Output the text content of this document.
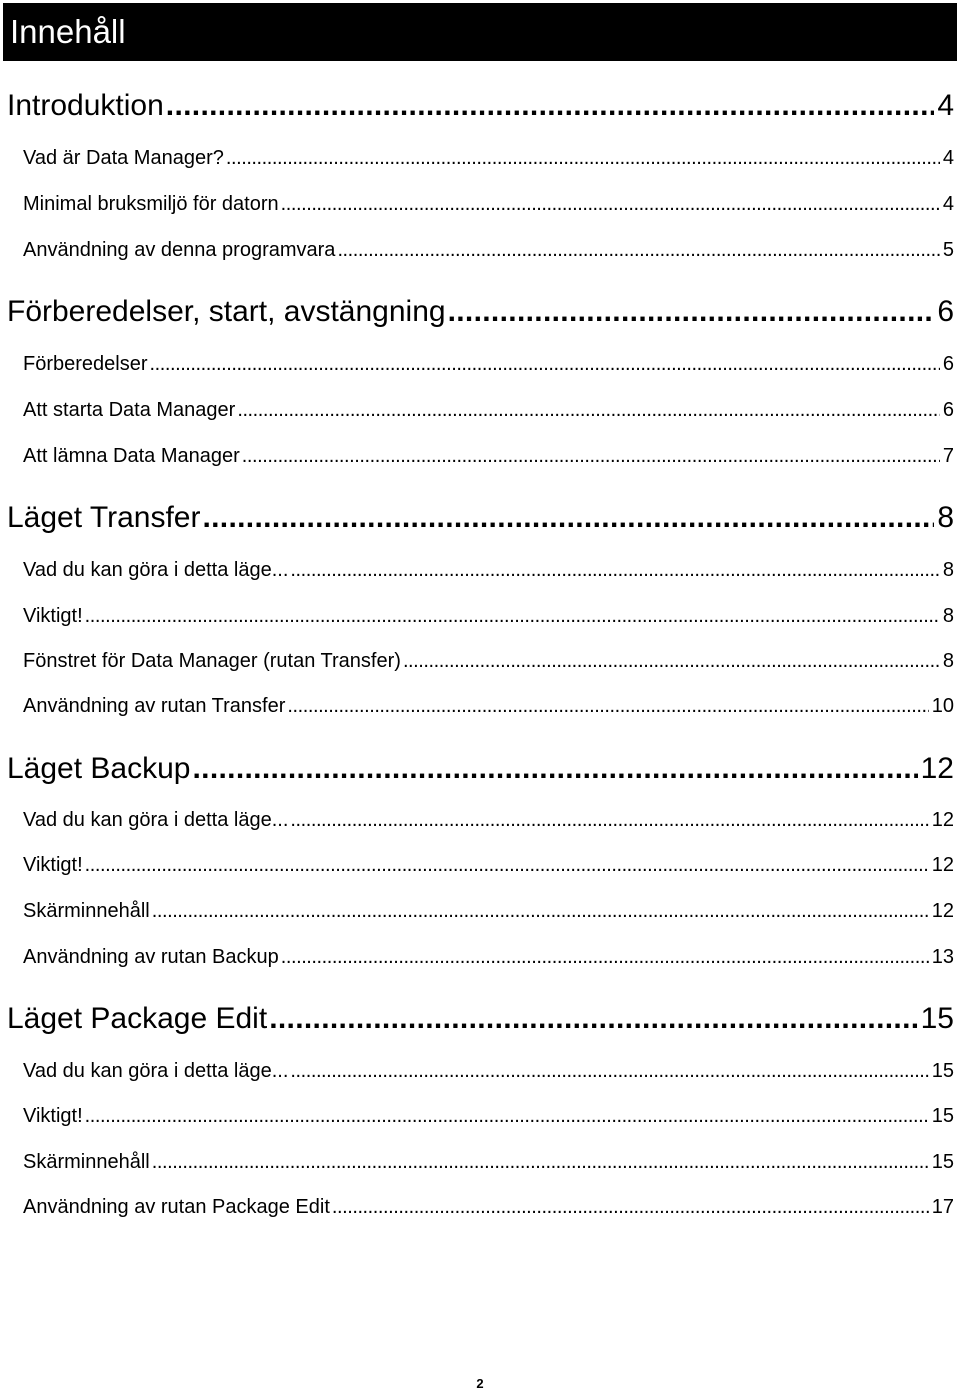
Innehåll
Introduktion . . .	4
Vad är Data Manager? . . .	4
Minimal bruksmiljö för datorn . . .	4
Användning av denna programvara . . .	5
Förberedelser, start, avstängning . . .	6
Förberedelser . . .	6
Att starta Data Manager . . .	6
Att lämna Data Manager . . .	7
Läget Transfer . . .	8
Vad du kan göra i detta läge... . . .	8
Viktigt! . . .	8
Fönstret för Data Manager (rutan Transfer) . . .	8
Användning av rutan Transfer . . .	10
Läget Backup . . .	12
Vad du kan göra i detta läge... . . .	12
Viktigt! . . .	12
Skärminnehåll . . .	12
Användning av rutan Backup . . .	13
Läget Package Edit . . .	15
Vad du kan göra i detta läge... . . .	15
Viktigt! . . .	15
Skärminnehåll . . .	15
Användning av rutan Package Edit . . .	17
2
